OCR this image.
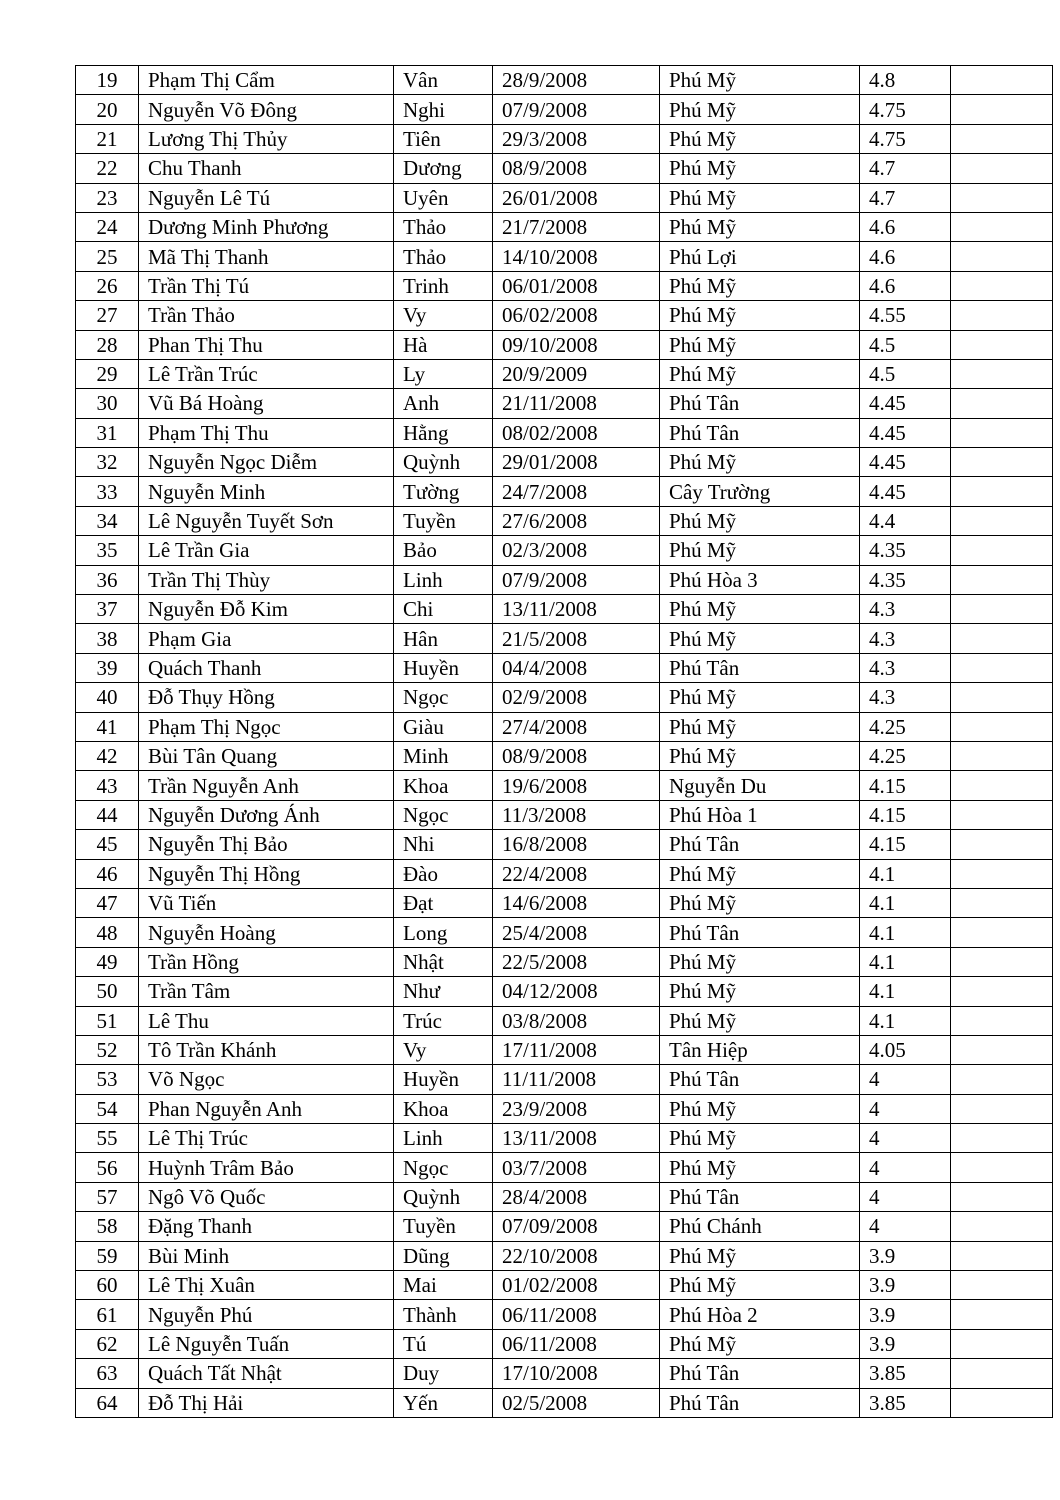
19	Phạm Thị Cẩm	Vân	28/9/2008	Phú Mỹ	4.8	
20	Nguyễn Võ Đông	Nghi	07/9/2008	Phú Mỹ	4.75	
21	Lương Thị Thủy	Tiên	29/3/2008	Phú Mỹ	4.75	
22	Chu Thanh	Dương	08/9/2008	Phú Mỹ	4.7	
23	Nguyễn Lê Tú	Uyên	26/01/2008	Phú Mỹ	4.7	
24	Dương Minh Phương	Thảo	21/7/2008	Phú Mỹ	4.6	
25	Mã Thị Thanh	Thảo	14/10/2008	Phú Lợi	4.6	
26	Trần Thị Tú	Trinh	06/01/2008	Phú Mỹ	4.6	
27	Trần Thảo	Vy	06/02/2008	Phú Mỹ	4.55	
28	Phan Thị Thu	Hà	09/10/2008	Phú Mỹ	4.5	
29	Lê Trần Trúc	Ly	20/9/2009	Phú Mỹ	4.5	
30	Vũ Bá Hoàng	Anh	21/11/2008	Phú Tân	4.45	
31	Phạm Thị Thu	Hằng	08/02/2008	Phú Tân	4.45	
32	Nguyễn Ngọc Diễm	Quỳnh	29/01/2008	Phú Mỹ	4.45	
33	Nguyễn Minh	Tường	24/7/2008	Cây Trường	4.45	
34	Lê Nguyễn Tuyết Sơn	Tuyền	27/6/2008	Phú Mỹ	4.4	
35	Lê Trần Gia	Bảo	02/3/2008	Phú Mỹ	4.35	
36	Trần Thị Thùy	Linh	07/9/2008	Phú Hòa 3	4.35	
37	Nguyễn Đỗ Kim	Chi	13/11/2008	Phú Mỹ	4.3	
38	Phạm Gia	Hân	21/5/2008	Phú Mỹ	4.3	
39	Quách Thanh	Huyền	04/4/2008	Phú Tân	4.3	
40	Đỗ Thụy Hồng	Ngọc	02/9/2008	Phú Mỹ	4.3	
41	Phạm Thị Ngọc	Giàu	27/4/2008	Phú Mỹ	4.25	
42	Bùi Tân Quang	Minh	08/9/2008	Phú Mỹ	4.25	
43	Trần Nguyễn Anh	Khoa	19/6/2008	Nguyễn Du	4.15	
44	Nguyễn Dương Ánh	Ngọc	11/3/2008	Phú Hòa 1	4.15	
45	Nguyễn Thị Bảo	Nhi	16/8/2008	Phú Tân	4.15	
46	Nguyễn Thị Hồng	Đào	22/4/2008	Phú Mỹ	4.1	
47	Vũ Tiến	Đạt	14/6/2008	Phú Mỹ	4.1	
48	Nguyễn Hoàng	Long	25/4/2008	Phú Tân	4.1	
49	Trần Hồng	Nhật	22/5/2008	Phú Mỹ	4.1	
50	Trần Tâm	Như	04/12/2008	Phú Mỹ	4.1	
51	Lê Thu	Trúc	03/8/2008	Phú Mỹ	4.1	
52	Tô Trần Khánh	Vy	17/11/2008	Tân Hiệp	4.05	
53	Võ Ngọc	Huyền	11/11/2008	Phú Tân	4	
54	Phan Nguyễn Anh	Khoa	23/9/2008	Phú Mỹ	4	
55	Lê Thị Trúc	Linh	13/11/2008	Phú Mỹ	4	
56	Huỳnh Trâm Bảo	Ngọc	03/7/2008	Phú Mỹ	4	
57	Ngô Võ Quốc	Quỳnh	28/4/2008	Phú Tân	4	
58	Đặng Thanh	Tuyền	07/09/2008	Phú Chánh	4	
59	Bùi Minh	Dũng	22/10/2008	Phú Mỹ	3.9	
60	Lê Thị Xuân	Mai	01/02/2008	Phú Mỹ	3.9	
61	Nguyễn Phú	Thành	06/11/2008	Phú Hòa 2	3.9	
62	Lê Nguyễn Tuấn	Tú	06/11/2008	Phú Mỹ	3.9	
63	Quách Tất Nhật	Duy	17/10/2008	Phú Tân	3.85	
64	Đỗ Thị Hải	Yến	02/5/2008	Phú Tân	3.85	
